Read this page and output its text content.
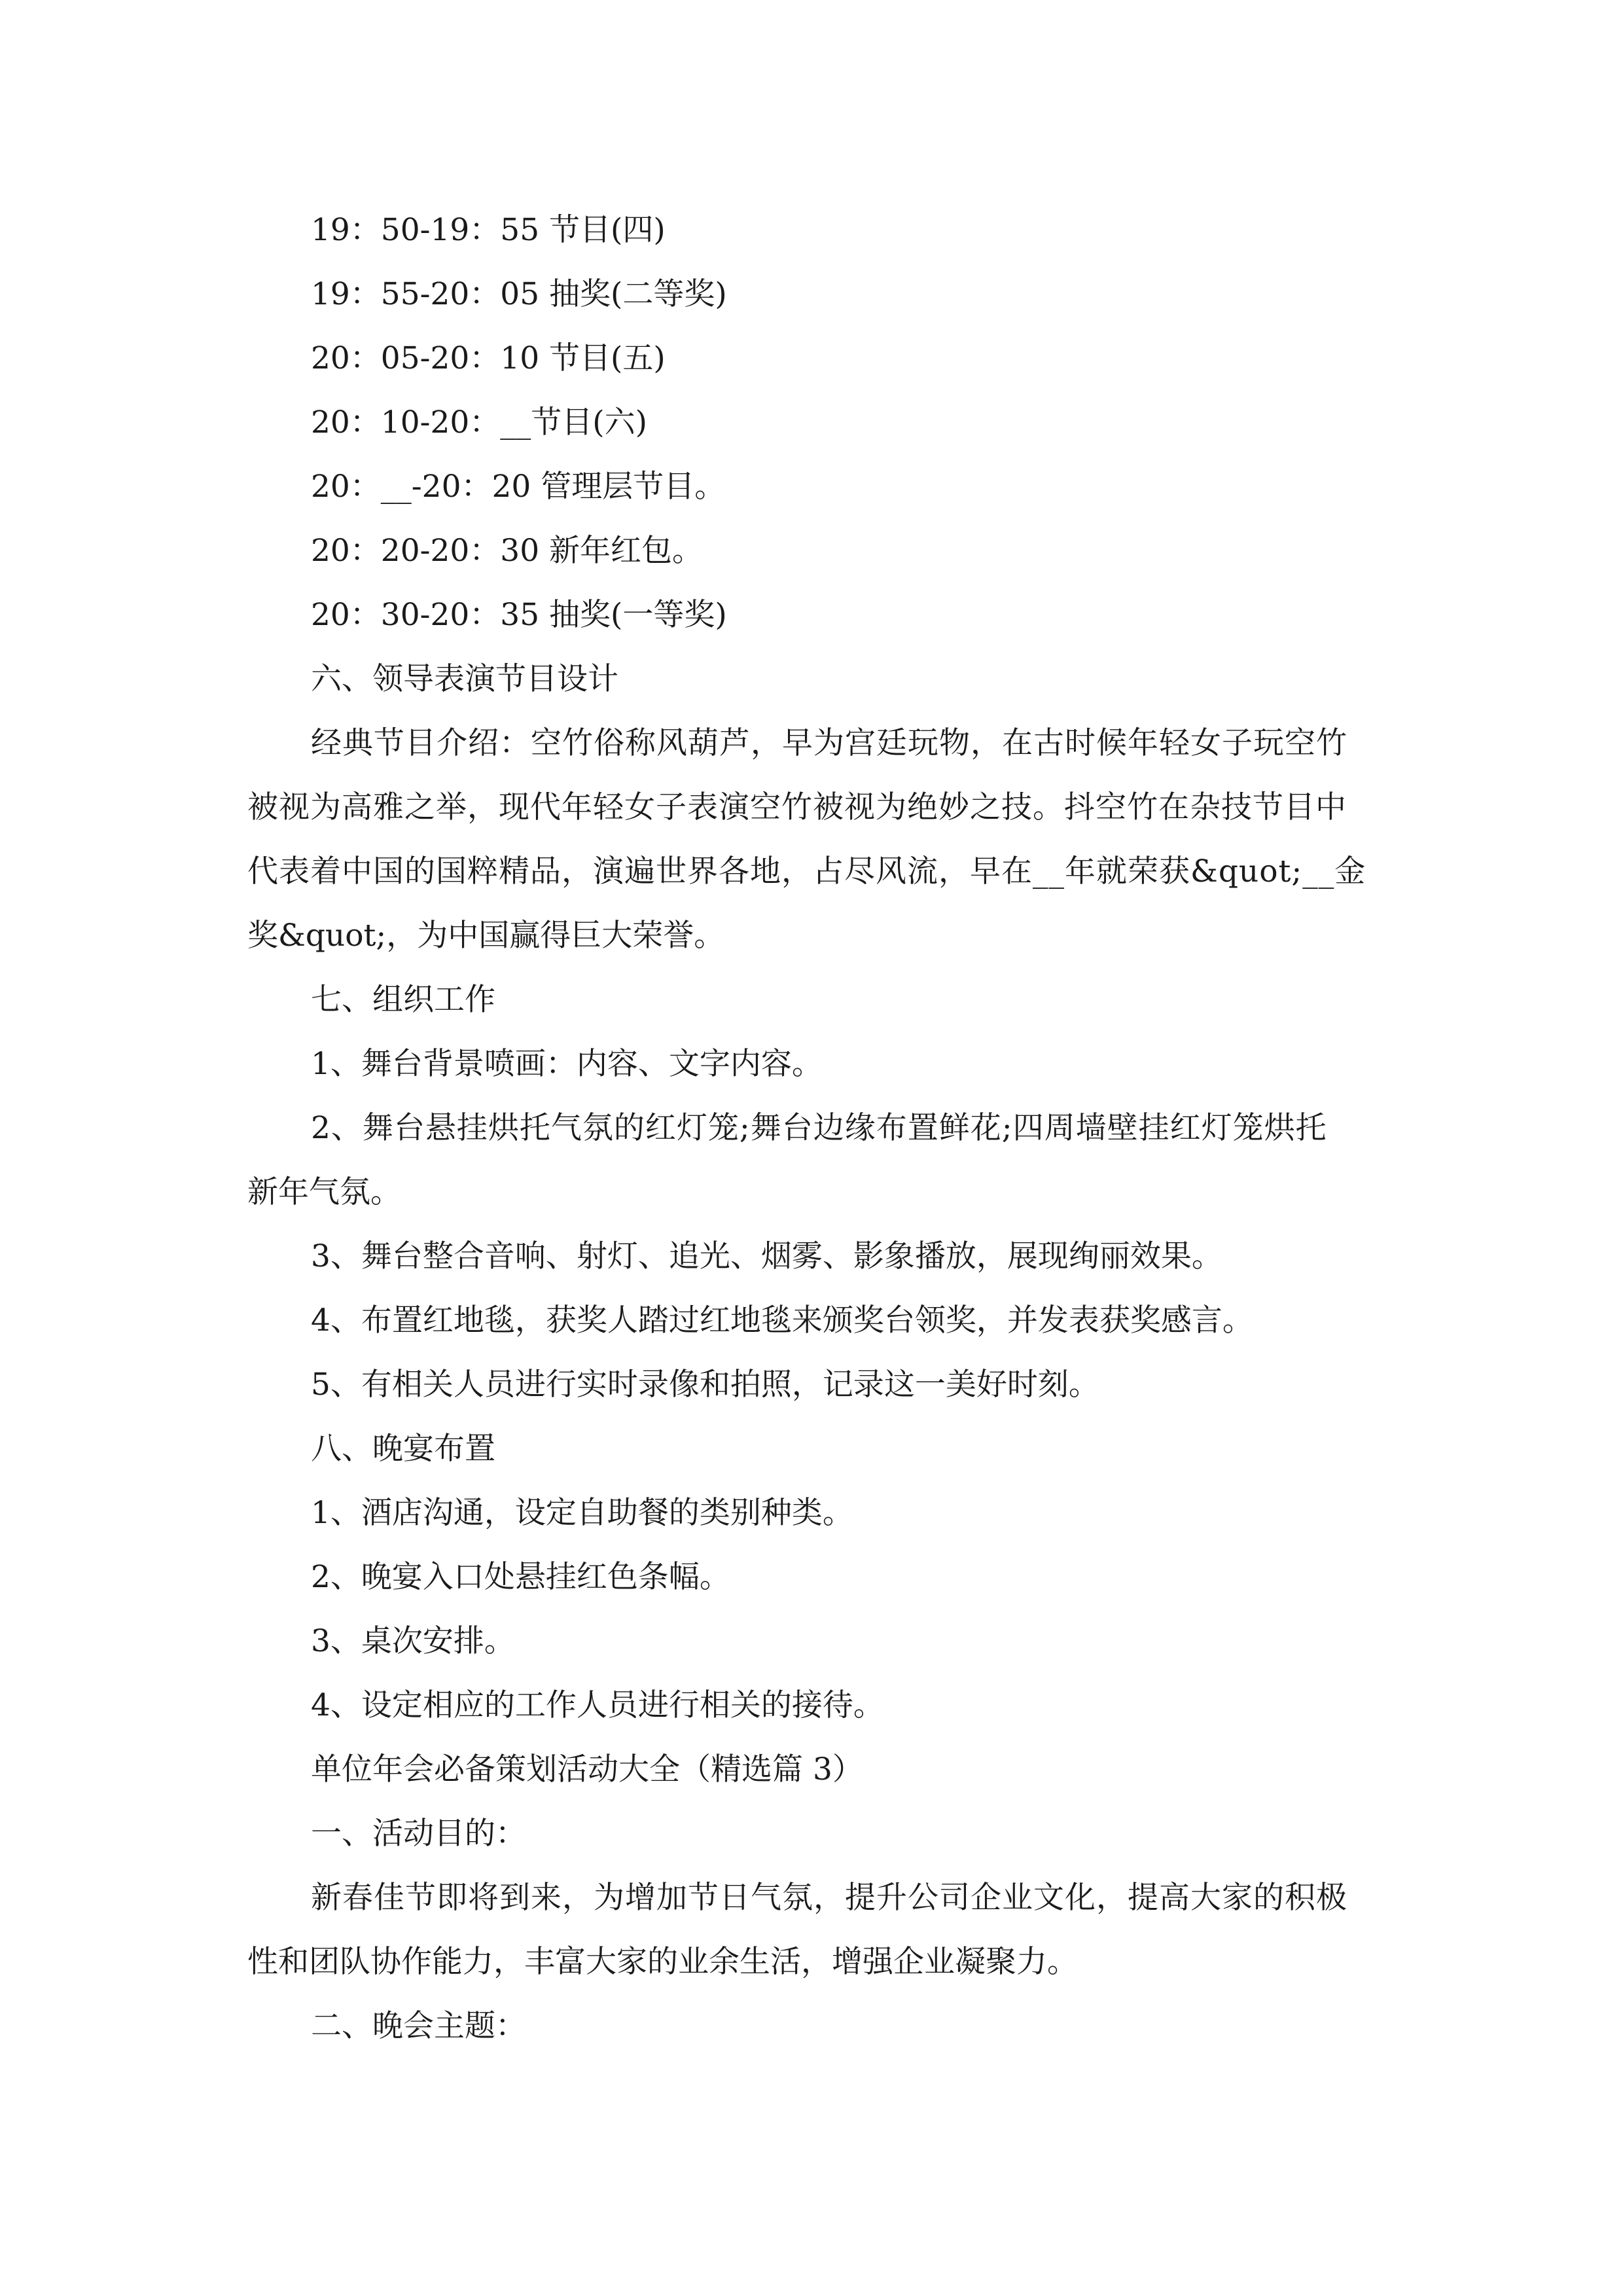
19：50-19：55 节目(四)
19：55-20：05 抽奖(二等奖)
20：05-20：10 节目(五)
20：10-20：__节目(六)
20：__-20：20 管理层节目。
20：20-20：30 新年红包。
20：30-20：35 抽奖(一等奖)
六、领导表演节目设计
经典节目介绍：空竹俗称风葫芦，早为宫廷玩物，在古时候年轻女子玩空竹
被视为高雅之举，现代年轻女子表演空竹被视为绝妙之技。抖空竹在杂技节目中
代表着中国的国粹精品，演遍世界各地，占尽风流，早在__年就荣获&quot;__金
奖&quot;，为中国赢得巨大荣誉。
七、组织工作
1、舞台背景喷画：内容、文字内容。
2、舞台悬挂烘托气氛的红灯笼;舞台边缘布置鲜花;四周墙壁挂红灯笼烘托
新年气氛。
3、舞台整合音响、射灯、追光、烟雾、影象播放，展现绚丽效果。
4、布置红地毯，获奖人踏过红地毯来颁奖台领奖，并发表获奖感言。
5、有相关人员进行实时录像和拍照，记录这一美好时刻。
八、晚宴布置
1、酒店沟通，设定自助餐的类别种类。
2、晚宴入口处悬挂红色条幅。
3、桌次安排。
4、设定相应的工作人员进行相关的接待。
单位年会必备策划活动大全（精选篇 3）
一、活动目的：
新春佳节即将到来，为增加节日气氛，提升公司企业文化，提高大家的积极
性和团队协作能力，丰富大家的业余生活，增强企业凝聚力。
二、晚会主题：
